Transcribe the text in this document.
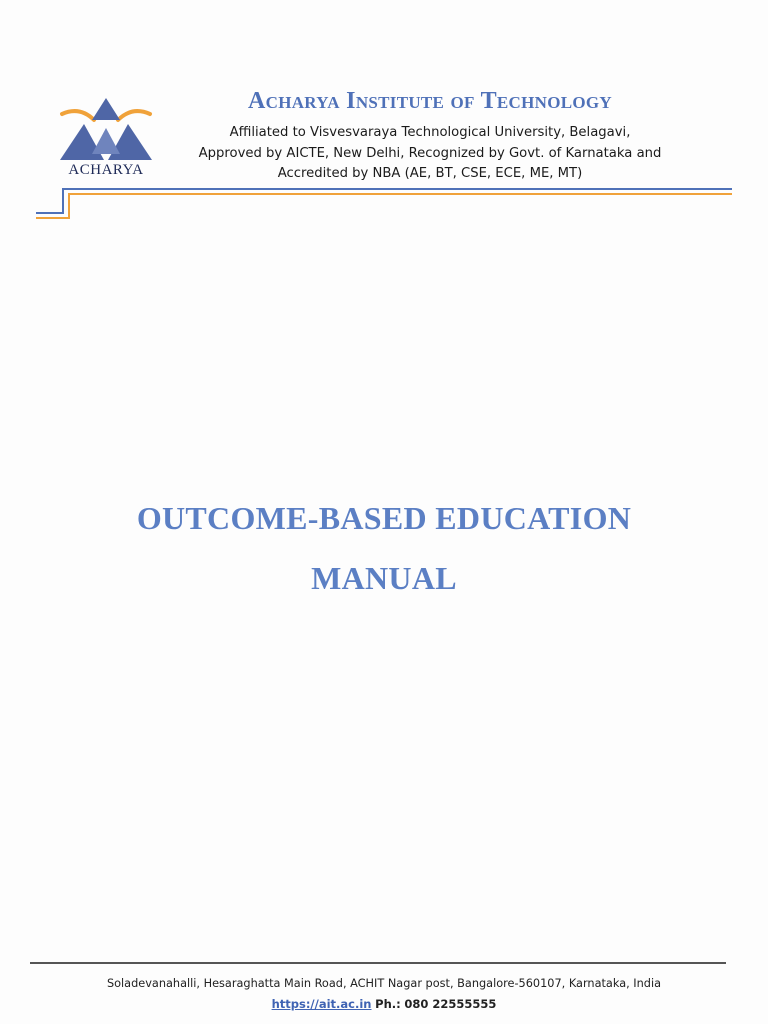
ACHARYA
Acharya Institute of Technology
Affiliated to Visvesvaraya Technological University, Belagavi,
Approved by AICTE, New Delhi, Recognized by Govt. of Karnataka and
Accredited by NBA (AE, BT, CSE, ECE, ME, MT)
OUTCOME-BASED EDUCATION
MANUAL
Soladevanahalli, Hesaraghatta Main Road, ACHIT Nagar post, Bangalore-560107, Karnataka, India
https://ait.ac.in Ph.: 080 22555555
